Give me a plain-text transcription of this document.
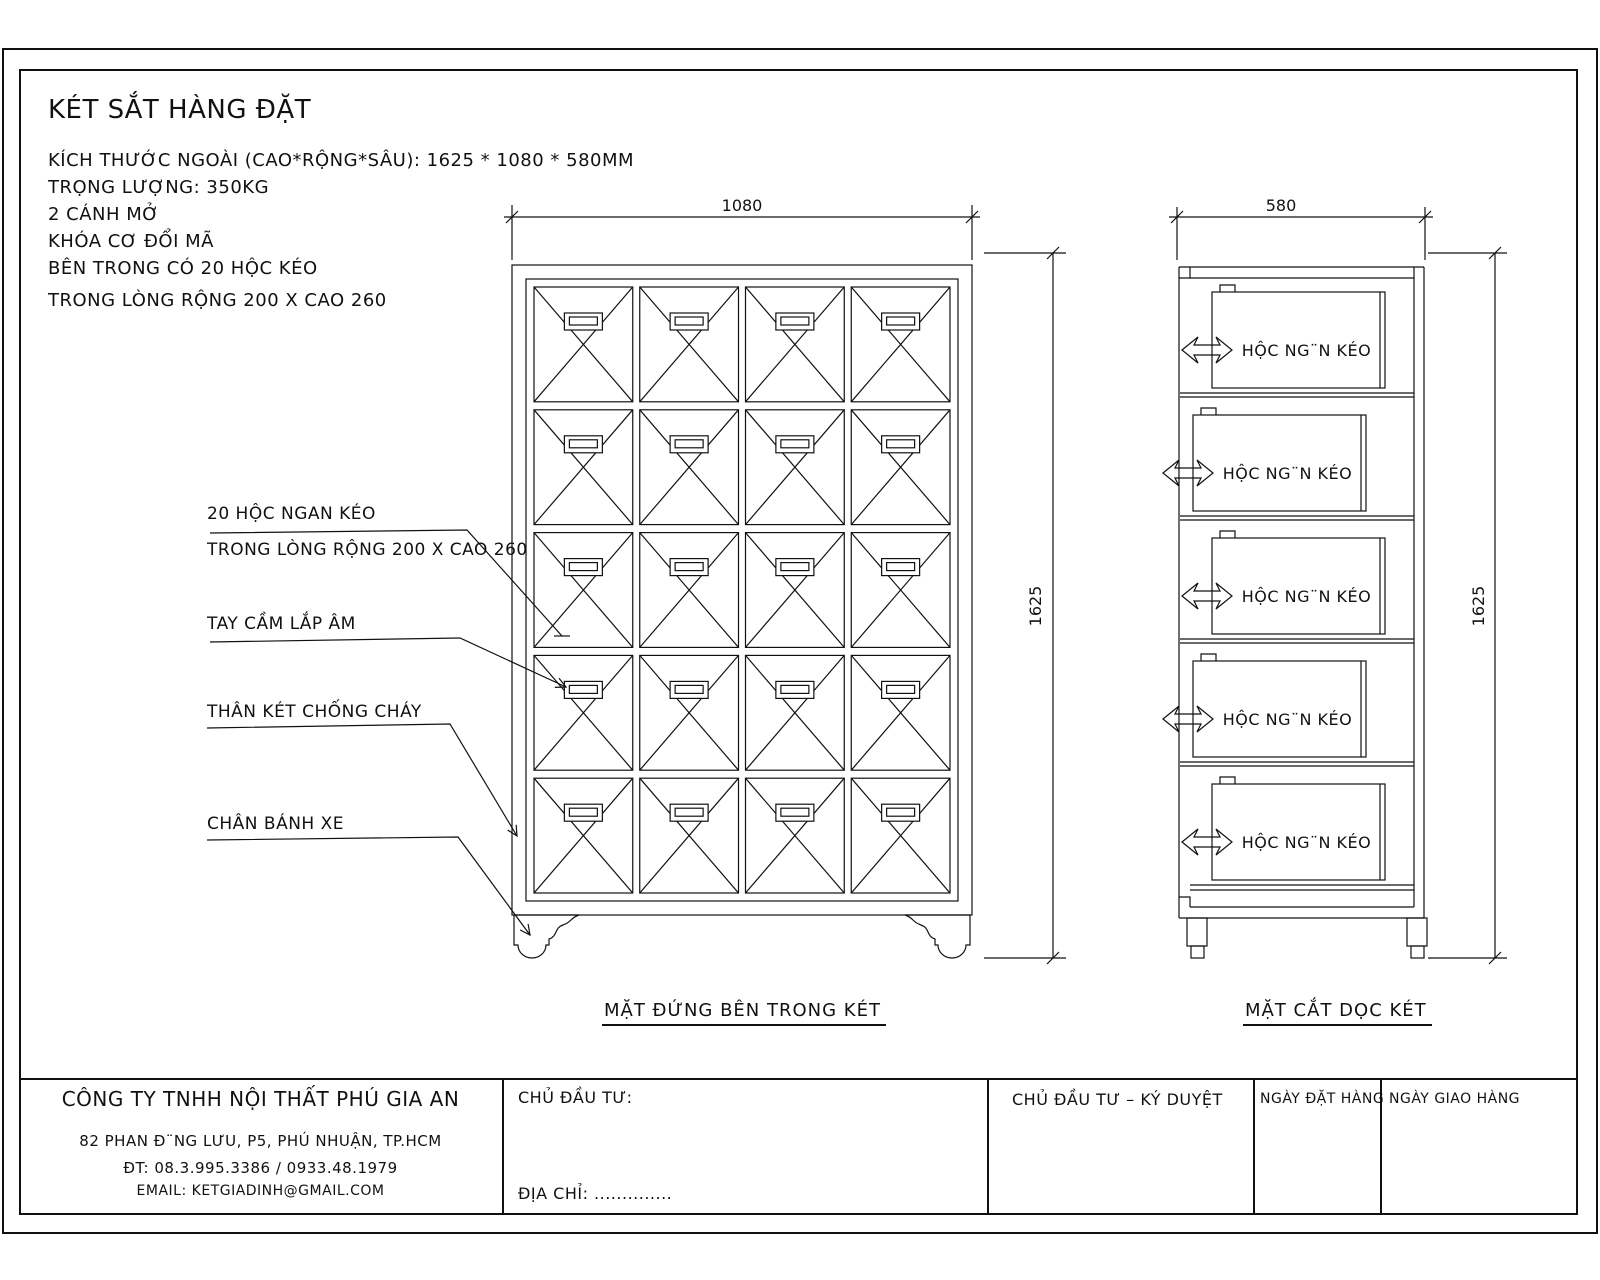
KÉT SẮT HÀNG ĐẶT
KÍCH THƯỚC NGOÀI (CAO*RỘNG*SÂU): 1625 * 1080 * 580MM
TRỌNG LƯỢNG: 350KG
2 CÁNH MỞ
KHÓA CƠ ĐỔI MÃ
BÊN TRONG CÓ 20 HỘC KÉO
TRONG LÒNG RỘNG 200 X CAO 260
20 HỘC NGAN KÉO
TRONG LÒNG RỘNG 200 X CAO 260
TAY CẦM LẮP ÂM
THÂN KÉT CHỐNG CHÁY
CHÂN BÁNH XE
MẶT ĐỨNG BÊN TRONG KÉT	MẶT CẮT DỌC KÉT
1080
1625
HỘC NG¨N KÉO
HỘC NG¨N KÉO
HỘC NG¨N KÉO
HỘC NG¨N KÉO
HỘC NG¨N KÉO
580
1625
CÔNG TY TNHH NỘI THẤT PHÚ GIA AN
82 PHAN Đ¨NG LƯU, P5, PHÚ NHUẬN, TP.HCM
ĐT: 08.3.995.3386 / 0933.48.1979
EMAIL: KETGIADINH@GMAIL.COM
CHỦ ĐẦU TƯ:
ĐỊA CHỈ: ..............
CHỦ ĐẦU TƯ – KÝ DUYỆT	NGÀY ĐẶT HÀNG NGÀY GIAO HÀNG
